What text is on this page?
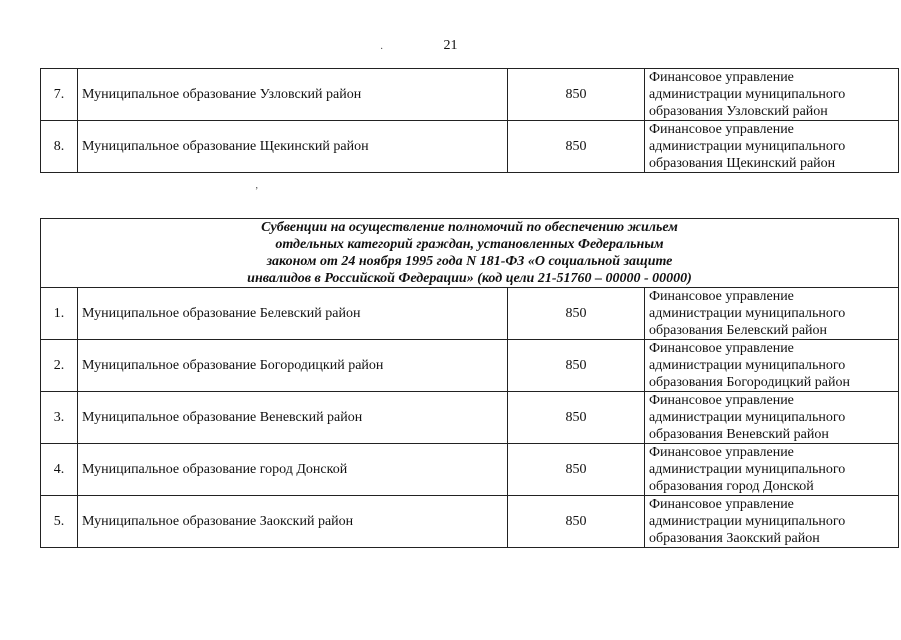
21
·
7.	Муниципальное образование Узловский район	850	Финансовое управление
администрации муниципального
образования Узловский район

8.	Муниципальное образование Щекинский район	850	Финансовое управление
администрации муниципального
образования Щекинский район
ʼ
Субвенции на осуществление полномочий по обеспечению жильем
отдельных категорий граждан, установленных Федеральным
законом от 24 ноября 1995 года N 181-ФЗ «О социальной защите
инвалидов в Российской Федерации» (код цели 21-51760 – 00000 - 00000)			

1.	Муниципальное образование Белевский район	850	Финансовое управление
администрации муниципального
образования Белевский район

2.	Муниципальное образование Богородицкий район	850	Финансовое управление
администрации муниципального
образования Богородицкий район

3.	Муниципальное образование Веневский район	850	Финансовое управление
администрации муниципального
образования Веневский район

4.	Муниципальное образование город Донской	850	Финансовое управление
администрации муниципального
образования город Донской

5.	Муниципальное образование Заокский район	850	Финансовое управление
администрации муниципального
образования Заокский район
